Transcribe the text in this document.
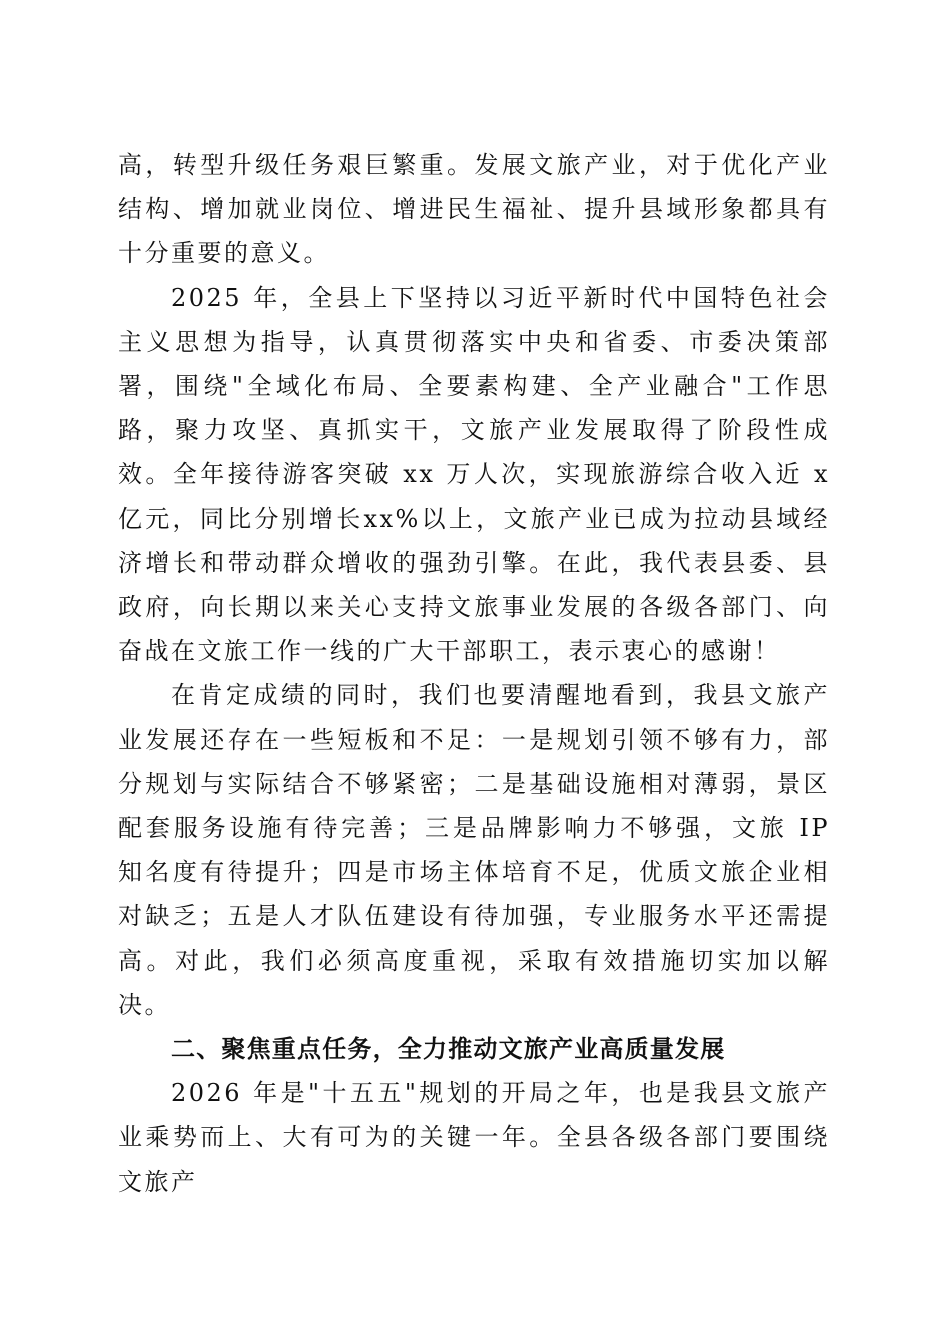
高，转型升级任务艰巨繁重。发展文旅产业，对于优化产业结构、增加就业岗位、增进民生福祉、提升县域形象都具有十分重要的意义。

2025 年，全县上下坚持以习近平新时代中国特色社会主义思想为指导，认真贯彻落实中央和省委、市委决策部署，围绕"全域化布局、全要素构建、全产业融合"工作思路，聚力攻坚、真抓实干，文旅产业发展取得了阶段性成效。全年接待游客突破 xx 万人次，实现旅游综合收入近 x 亿元，同比分别增长xx%以上，文旅产业已成为拉动县域经济增长和带动群众增收的强劲引擎。在此，我代表县委、县政府，向长期以来关心支持文旅事业发展的各级各部门、向奋战在文旅工作一线的广大干部职工，表示衷心的感谢！

在肯定成绩的同时，我们也要清醒地看到，我县文旅产业发展还存在一些短板和不足：一是规划引领不够有力，部分规划与实际结合不够紧密；二是基础设施相对薄弱，景区配套服务设施有待完善；三是品牌影响力不够强，文旅 IP 知名度有待提升；四是市场主体培育不足，优质文旅企业相对缺乏；五是人才队伍建设有待加强，专业服务水平还需提高。对此，我们必须高度重视，采取有效措施切实加以解决。

二、聚焦重点任务，全力推动文旅产业高质量发展

2026 年是"十五五"规划的开局之年，也是我县文旅产业乘势而上、大有可为的关键一年。全县各级各部门要围绕文旅产
